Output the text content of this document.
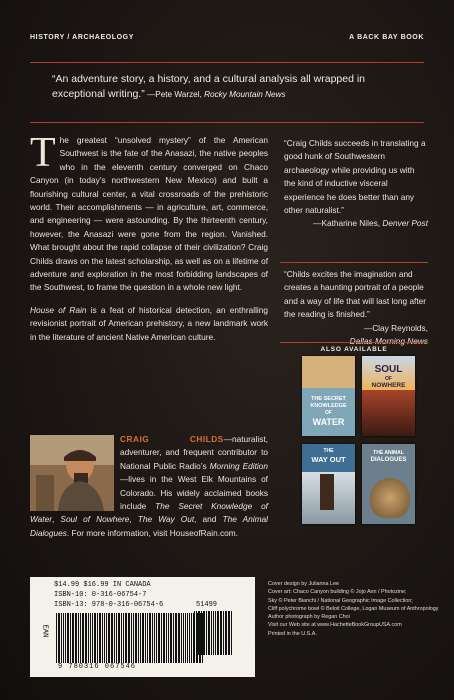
HISTORY / ARCHAEOLOGY	A BACK BAY BOOK
“An adventure story, a history, and a cultural analysis all wrapped in exceptional writing.” —Pete Warzel, Rocky Mountain News
T he greatest “unsolved mystery” of the American Southwest is the fate of the Anasazi, the native peoples who in the eleventh century converged on Chaco Canyon (in today’s northwestern New Mexico) and built a flourishing cultural center, a vital crossroads of the prehistoric world. Their accomplishments — in agriculture, art, commerce, and engineering — were astounding. By the thirteenth century, however, the Anasazi were gone from the region. Vanished. What brought about the rapid collapse of their civilization? Craig Childs draws on the latest scholarship, as well as on a lifetime of adventure and exploration in the most forbidding landscapes of the Southwest, to frame the question in a whole new light.
House of Rain is a feat of historical detection, an enthralling revisionist portrait of American prehistory, a new landmark work in the literature of ancient Native American culture.
“Craig Childs succeeds in translating a good hunk of Southwestern archaeology while providing us with the kind of inductive visceral experience he does better than any other naturalist.”
—Katharine Niles, Denver Post
“Childs excites the imagination and creates a haunting portrait of a people and a way of life that will last long after the reading is finished.”
—Clay Reynolds,
ALSO AVAILABLE
THE SECRET
KNOWLEDGE
OF
WATER
SOUL
OF
NOWHERE
THE
WAY OUT
THE ANIMAL
DIALOGUES
CRAIG CHILDS—naturalist, adventurer, and frequent contributor to National Public Radio’s Morning Edition—lives in the West Elk Mountains of Colorado. His widely acclaimed books include The Secret Knowledge of Water, Soul of Nowhere, The Way Out, and The Animal Dialogues. For more information, visit HouseofRain.com.
$14.99 $16.99 IN CANADA
ISBN-10: 0-316-06754-7
ISBN-13: 978-0-316-06754-6
EAN
9 780316 067546
51499
Cover design by Julianna Lee
Cover art: Chaco Canyon building © Jojo Ann / Photozine;
Sky © Peter Bianchi / National Geographic Image Collection;
Cliff polychrome bowl © Beloit College, Logan Museum of Anthropology
Author photograph by Regan Choi
Visit our Web site at www.HachetteBookGroupUSA.com
Printed in the U.S.A.
